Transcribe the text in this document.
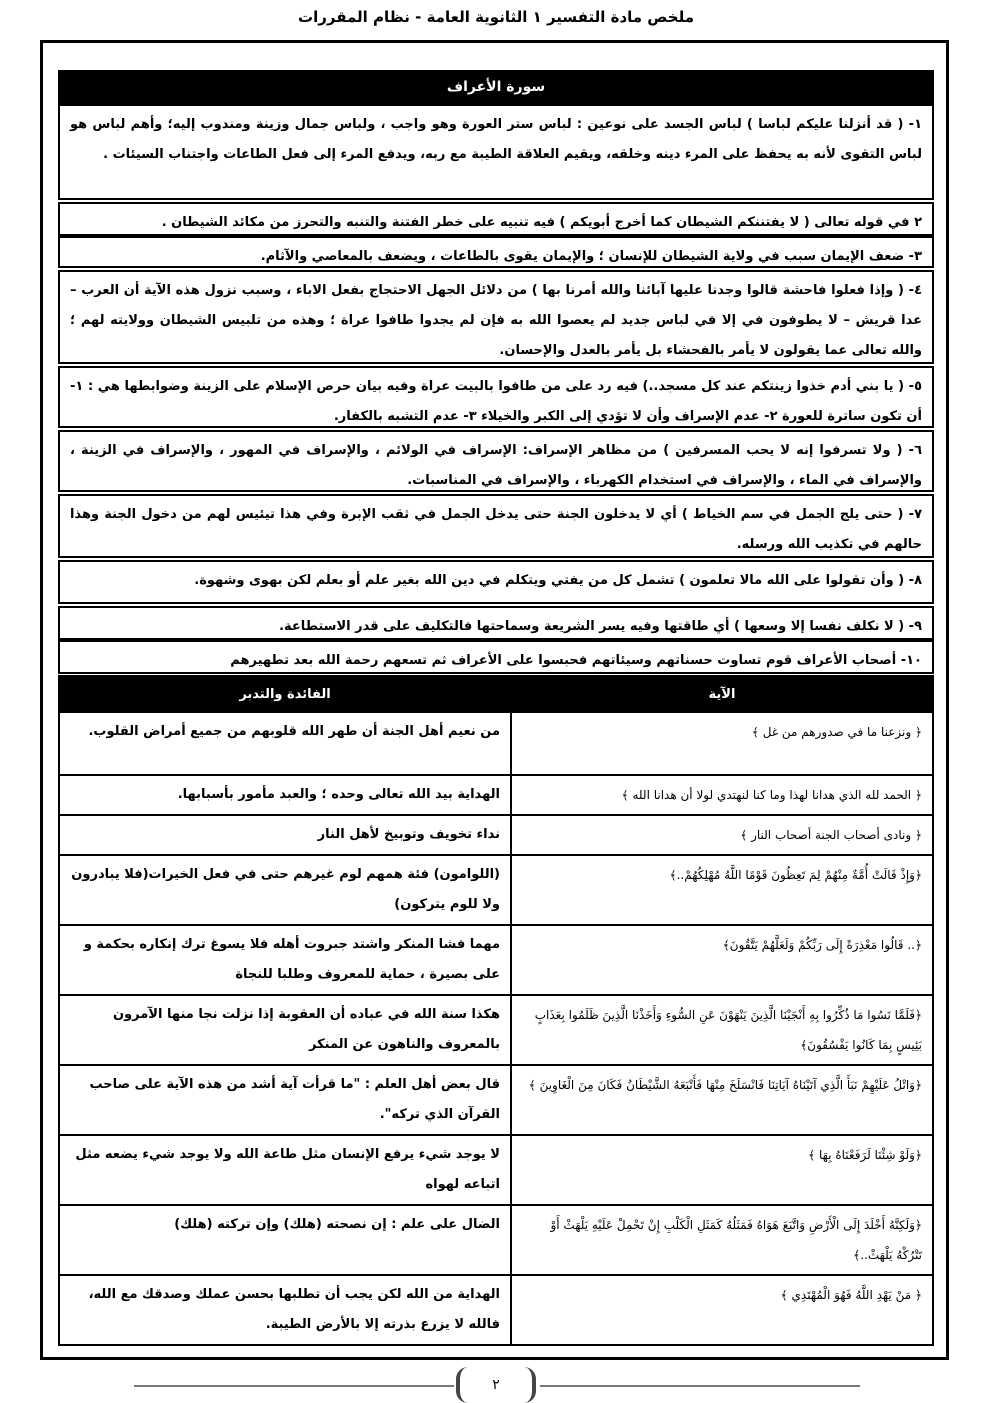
ملخص مادة التفسير ١ الثانوية العامة - نظام المقررات
سورة الأعراف
١- ( قد أنزلنا عليكم لباسا ) لباس الجسد على نوعين : لباس ستر العورة وهو واجب ، ولباس جمال وزينة ومندوب إليه؛ وأهم لباس هو لباس التقوى لأنه به يحفظ على المرء دينه وخلقه، ويقيم العلاقة الطيبة مع ربه، ويدفع المرء إلى فعل الطاعات واجتناب السيئات .
٢ في قوله تعالى ( لا يفتننكم الشيطان كما أخرج أبويكم ) فيه تنبيه على خطر الفتنة والتنبه والتحرز من مكائد الشيطان .
٣- ضعف الإيمان سبب في ولاية الشيطان للإنسان ؛ والإيمان يقوى بالطاعات ، ويضعف بالمعاصي والآثام.
٤- ( وإذا فعلوا فاحشة قالوا وجدنا عليها آبائنا والله أمرنا بها ) من دلائل الجهل الاحتجاج بفعل الاباء ، وسبب نزول هذه الآية أن العرب – عدا قريش – لا يطوفون في إلا في لباس جديد لم يعصوا الله به فإن لم يجدوا طافوا عراة ؛ وهذه من تلبيس الشيطان وولايته لهم ؛ والله تعالى عما يقولون لا يأمر بالفحشاء بل يأمر بالعدل والإحسان.
٥- ( يا بني أدم خذوا زينتكم عند كل مسجد..) فيه رد على من طافوا بالبيت عراة وفيه بيان حرص الإسلام على الزينة وضوابطها هي : ١- أن تكون ساترة للعورة ٢- عدم الإسراف وأن لا تؤدي إلى الكبر والخيلاء ٣- عدم التشبه بالكفار.
٦- ( ولا تسرفوا إنه لا يحب المسرفين ) من مظاهر الإسراف: الإسراف في الولائم ، والإسراف في المهور ، والإسراف في الزينة ، والإسراف في الماء ، والإسراف في استخدام الكهرباء ، والإسراف في المناسبات.
٧- ( حتى يلج الجمل في سم الخياط ) أي لا يدخلون الجنة حتى يدخل الجمل في ثقب الإبرة وفي هذا تيئيس لهم من دخول الجنة وهذا حالهم في تكذيب الله ورسله.
٨- ( وأن تقولوا على الله مالا تعلمون ) تشمل كل من يفتي ويتكلم في دين الله بغير علم أو بعلم لكن بهوى وشهوة.
٩- ( لا نكلف نفسا إلا وسعها ) أي طاقتها وفيه يسر الشريعة وسماحتها فالتكليف على قدر الاستطاعة.
١٠- أصحاب الأعراف قوم تساوت حسناتهم وسيئاتهم فحبسوا على الأعراف ثم تسعهم رحمة الله بعد تطهيرهم
الآية	الفائدة والتدبر
﴿ ونزعنا ما في صدورهم من غل ﴾	من نعيم أهل الجنة أن طهر الله قلوبهم من جميع أمراض القلوب.
﴿ الحمد لله الذي هدانا لهذا وما كنا لنهتدي لولا أن هدانا الله ﴾	الهداية بيد الله تعالى وحده ؛ والعبد مأمور بأسبابها.
﴿ ونادى أصحاب الجنة أصحاب النار ﴾	نداء تخويف وتوبيخ لأهل النار
﴿وَإِذْ قَالَتْ أُمَّةٌ مِنْهُمْ لِمَ تَعِظُونَ قَوْمًا اللَّهُ مُهْلِكُهُمْ..﴾	(اللوامون) فئة همهم لوم غيرهم حتى في فعل الخيرات(فلا يبادرون ولا للوم يتركون)
﴿.. قَالُوا مَعْذِرَةً إِلَى رَبِّكُمْ وَلَعَلَّهُمْ يَتَّقُونَ﴾	مهما فشا المنكر واشتد جبروت أهله فلا يسوغ ترك إنكاره بحكمة و على بصيرة ، حماية للمعروف وطلبا للنجاة
﴿فَلَمَّا نَسُوا مَا ذُكِّرُوا بِهِ أَنْجَيْنَا الَّذِينَ يَنْهَوْنَ عَنِ السُّوءِ وَأَخَذْنَا الَّذِينَ ظَلَمُوا بِعَذَابٍ بَئِيسٍ بِمَا كَانُوا يَفْسُقُونَ﴾	هكذا سنة الله في عباده أن العقوبة إذا نزلت نجا منها الآمرون بالمعروف والناهون عن المنكر
﴿وَاتْلُ عَلَيْهِمْ نَبَأَ الَّذِي آتَيْنَاهُ آيَاتِنَا فَانْسَلَخَ مِنْهَا فَأَتْبَعَهُ الشَّيْطَانُ فَكَانَ مِنَ الْغَاوِينَ ﴾	قال بعض أهل العلم : "ما قرأت آية أشد من هذه الآية على صاحب القرآن الذي تركه".
﴿وَلَوْ شِئْنَا لَرَفَعْنَاهُ بِهَا ﴾	لا يوجد شيء يرفع الإنسان مثل طاعة الله ولا يوجد شيء يضعه مثل اتباعه لهواه
﴿وَلَكِنَّهُ أَخْلَدَ إِلَى الْأَرْضِ وَاتَّبَعَ هَوَاهُ فَمَثَلُهُ كَمَثَلِ الْكَلْبِ إِنْ تَحْمِلْ عَلَيْهِ يَلْهَثْ أَوْ تَتْرُكْهُ يَلْهَثْ..﴾	الضال على علم : إن نصحته (هلك) وإن تركته (هلك)
﴿ مَنْ يَهْدِ اللَّهُ فَهُوَ الْمُهْتَدِي ﴾	الهداية من الله لكن يجب أن تطلبها بحسن عملك وصدقك مع الله، فالله لا يزرع بذرته إلا بالأرض الطيبة.
٢
